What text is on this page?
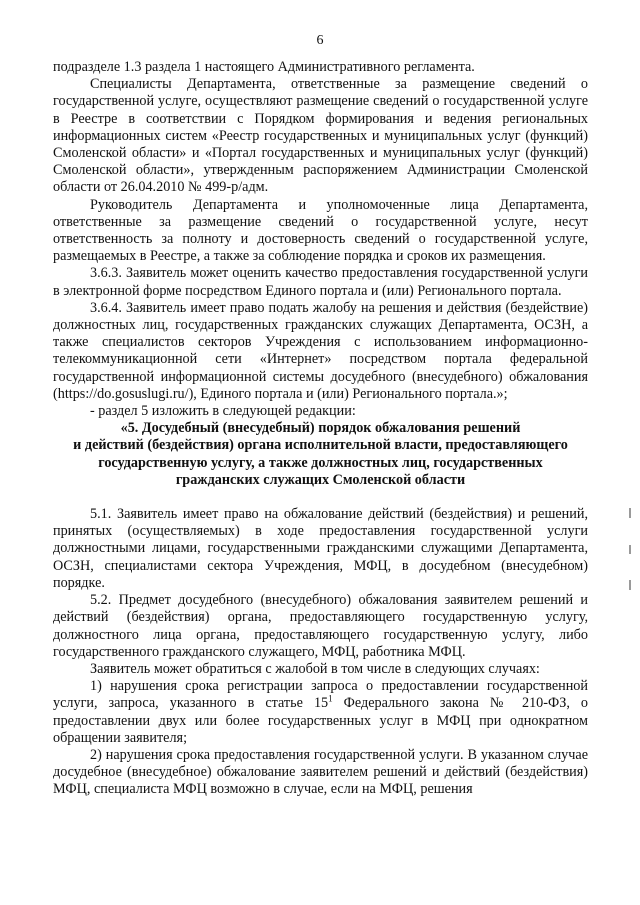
6

подразделе 1.3 раздела 1 настоящего Административного регламента.

Специалисты Департамента, ответственные за размещение сведений о государственной услуге, осуществляют размещение сведений о государственной услуге в Реестре в соответствии с Порядком формирования и ведения региональных информационных систем «Реестр государственных и муниципальных услуг (функций) Смоленской области» и «Портал государственных и муниципальных услуг (функций) Смоленской области», утвержденным распоряжением Администрации Смоленской области от 26.04.2010 № 499-р/адм.

Руководитель Департамента и уполномоченные лица Департамента, ответственные за размещение сведений о государственной услуге, несут ответственность за полноту и достоверность сведений о государственной услуге, размещаемых в Реестре, а также за соблюдение порядка и сроков их размещения.

3.6.3. Заявитель может оценить качество предоставления государственной услуги в электронной форме посредством Единого портала и (или) Регионального портала.

3.6.4. Заявитель имеет право подать жалобу на решения и действия (бездействие) должностных лиц, государственных гражданских служащих Департамента, ОСЗН, а также специалистов секторов Учреждения с использованием информационно-телекоммуникационной сети «Интернет» посредством портала федеральной государственной информационной системы досудебного (внесудебного) обжалования (https://do.gosuslugi.ru/), Единого портала и (или) Регионального портала.»;

- раздел 5 изложить в следующей редакции:

«5. Досудебный (внесудебный) порядок обжалования решений

и действий (бездействия) органа исполнительной власти, предоставляющего

государственную услугу, а также должностных лиц, государственных

гражданских служащих Смоленской области

5.1. Заявитель имеет право на обжалование действий (бездействия) и решений, принятых (осуществляемых) в ходе предоставления государственной услуги должностными лицами, государственными гражданскими служащими Департамента, ОСЗН, специалистами сектора Учреждения, МФЦ, в досудебном (внесудебном) порядке.

5.2. Предмет досудебного (внесудебного) обжалования заявителем решений и действий (бездействия) органа, предоставляющего государственную услугу, должностного лица органа, предоставляющего государственную услугу, либо государственного гражданского служащего, МФЦ, работника МФЦ.

Заявитель может обратиться с жалобой в том числе в следующих случаях:

1) нарушения срока регистрации запроса о предоставлении государственной услуги, запроса, указанного в статье $15^1$ Федерального закона № 210-ФЗ, о предоставлении двух или более государственных услуг в МФЦ при однократном обращении заявителя;

2) нарушения срока предоставления государственной услуги. В указанном случае досудебное (внесудебное) обжалование заявителем решений и действий (бездействия) МФЦ, специалиста МФЦ возможно в случае, если на МФЦ, решения
